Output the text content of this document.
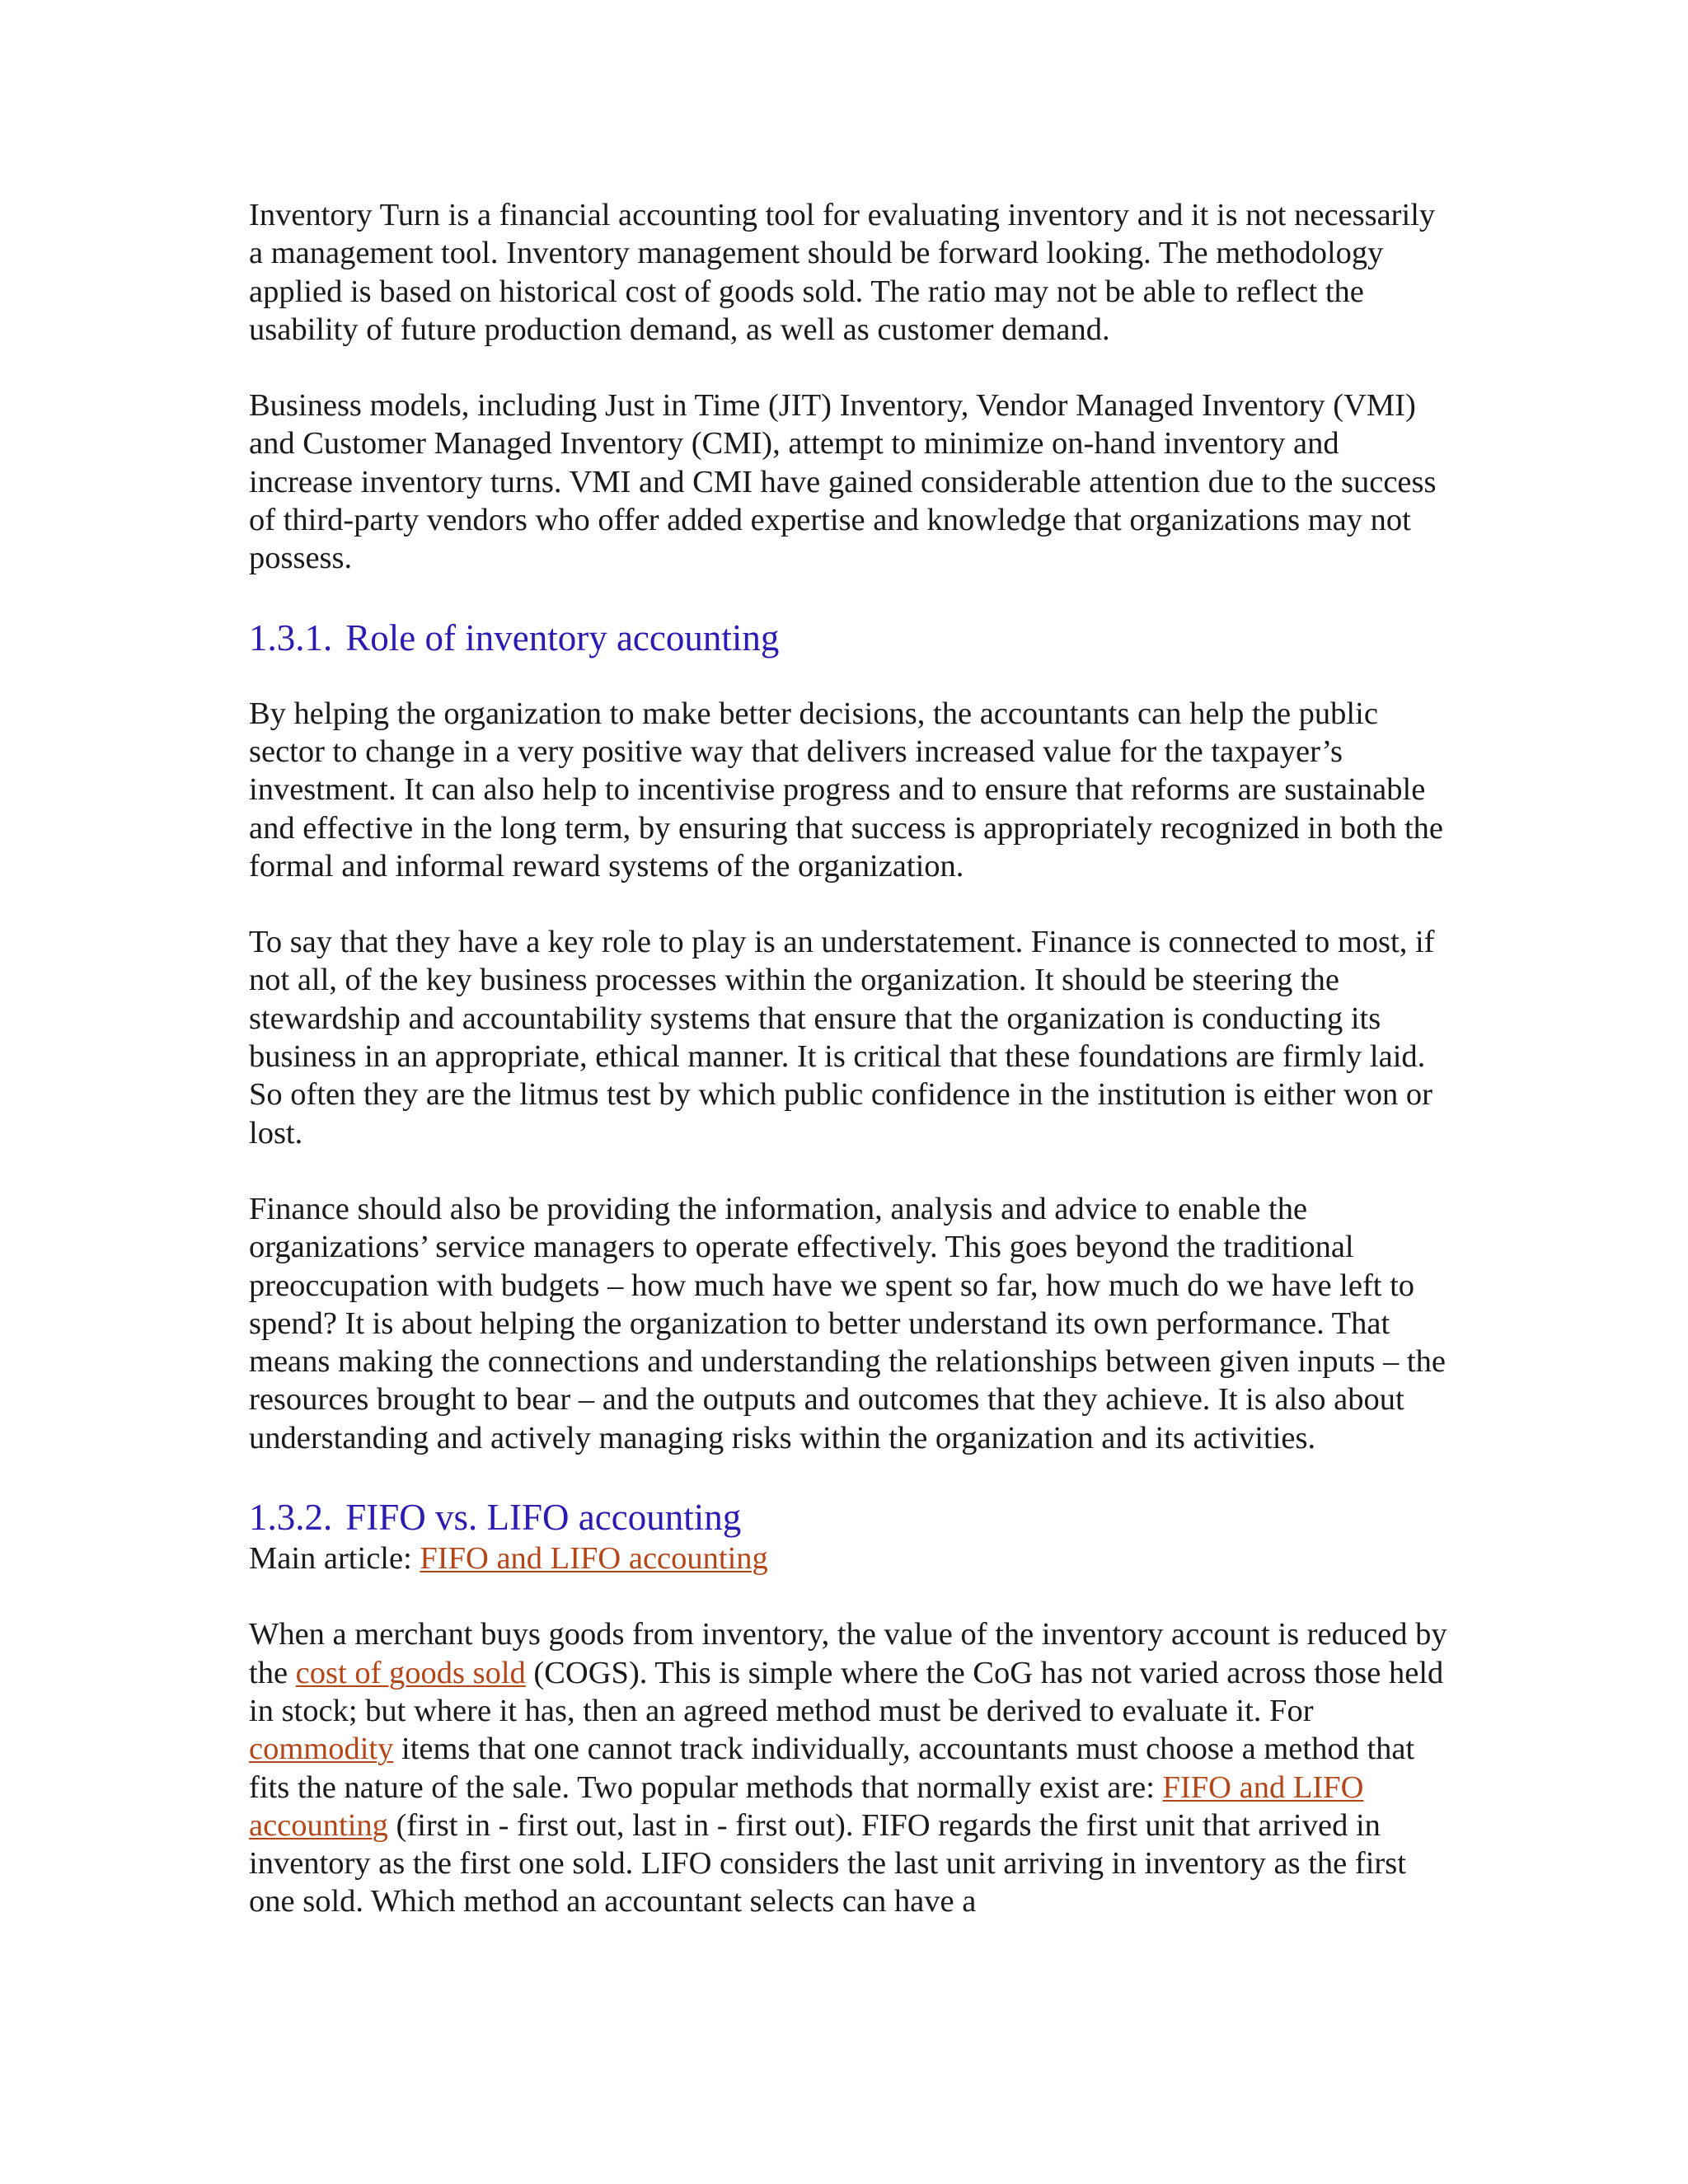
Inventory Turn is a financial accounting tool for evaluating inventory and it is not necessarily a management tool. Inventory management should be forward looking. The methodology applied is based on historical cost of goods sold. The ratio may not be able to reflect the usability of future production demand, as well as customer demand.

Business models, including Just in Time (JIT) Inventory, Vendor Managed Inventory (VMI) and Customer Managed Inventory (CMI), attempt to minimize on-hand inventory and increase inventory turns. VMI and CMI have gained considerable attention due to the success of third-party vendors who offer added expertise and knowledge that organizations may not possess.

1.3.1. Role of inventory accounting

By helping the organization to make better decisions, the accountants can help the public sector to change in a very positive way that delivers increased value for the taxpayer’s investment. It can also help to incentivise progress and to ensure that reforms are sustainable and effective in the long term, by ensuring that success is appropriately recognized in both the formal and informal reward systems of the organization.

To say that they have a key role to play is an understatement. Finance is connected to most, if not all, of the key business processes within the organization. It should be steering the stewardship and accountability systems that ensure that the organization is conducting its business in an appropriate, ethical manner. It is critical that these foundations are firmly laid. So often they are the litmus test by which public confidence in the institution is either won or lost.

Finance should also be providing the information, analysis and advice to enable the organizations’ service managers to operate effectively. This goes beyond the traditional preoccupation with budgets – how much have we spent so far, how much do we have left to spend? It is about helping the organization to better understand its own performance. That means making the connections and understanding the relationships between given inputs – the resources brought to bear – and the outputs and outcomes that they achieve. It is also about understanding and actively managing risks within the organization and its activities.

1.3.2. FIFO vs. LIFO accounting

Main article: FIFO and LIFO accounting

When a merchant buys goods from inventory, the value of the inventory account is reduced by the cost of goods sold (COGS). This is simple where the CoG has not varied across those held in stock; but where it has, then an agreed method must be derived to evaluate it. For commodity items that one cannot track individually, accountants must choose a method that fits the nature of the sale. Two popular methods that normally exist are: FIFO and LIFO accounting (first in - first out, last in - first out). FIFO regards the first unit that arrived in inventory as the first one sold. LIFO considers the last unit arriving in inventory as the first one sold. Which method an accountant selects can have a
